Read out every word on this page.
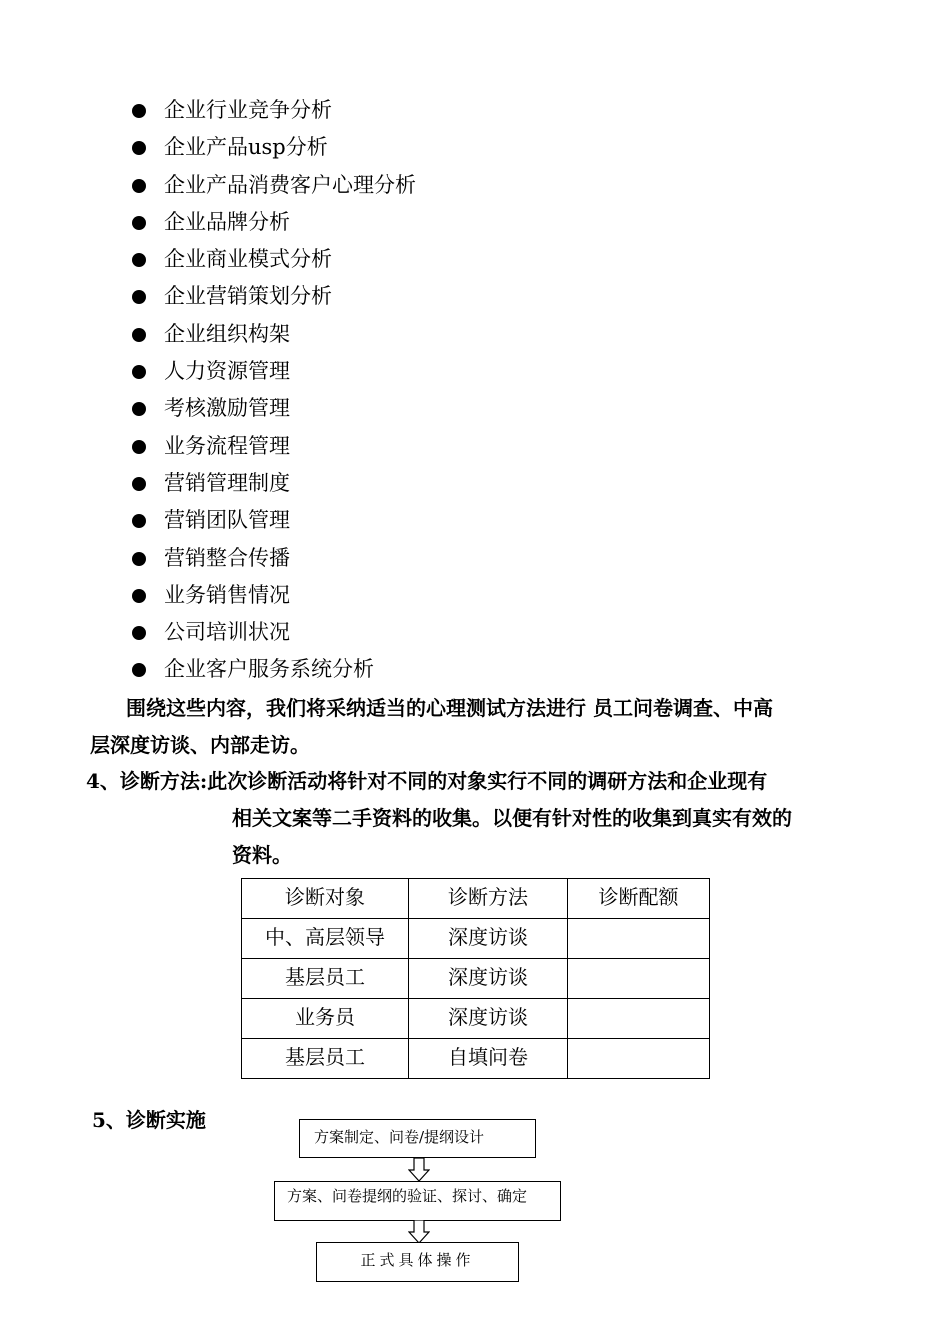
企业行业竞争分析
企业产品usp分析
企业产品消费客户心理分析
企业品牌分析
企业商业模式分析
企业营销策划分析
企业组织构架
人力资源管理
考核激励管理
业务流程管理
营销管理制度
营销团队管理
营销整合传播
业务销售情况
公司培训状况
企业客户服务系统分析
围绕这些内容，我们将采纳适当的心理测试方法进行 员工问卷调查、中高
层深度访谈、内部走访。
4、诊断方法:此次诊断活动将针对不同的对象实行不同的调研方法和企业现有
相关文案等二手资料的收集。以便有针对性的收集到真实有效的
资料。
诊断对象	诊断方法	诊断配额
中、高层领导	深度访谈	
基层员工	深度访谈	
业务员	深度访谈	
基层员工	自填问卷	
5、诊断实施
方案制定、问卷/提纲设计
方案、问卷提纲的验证、探讨、确定
正式具体操作
